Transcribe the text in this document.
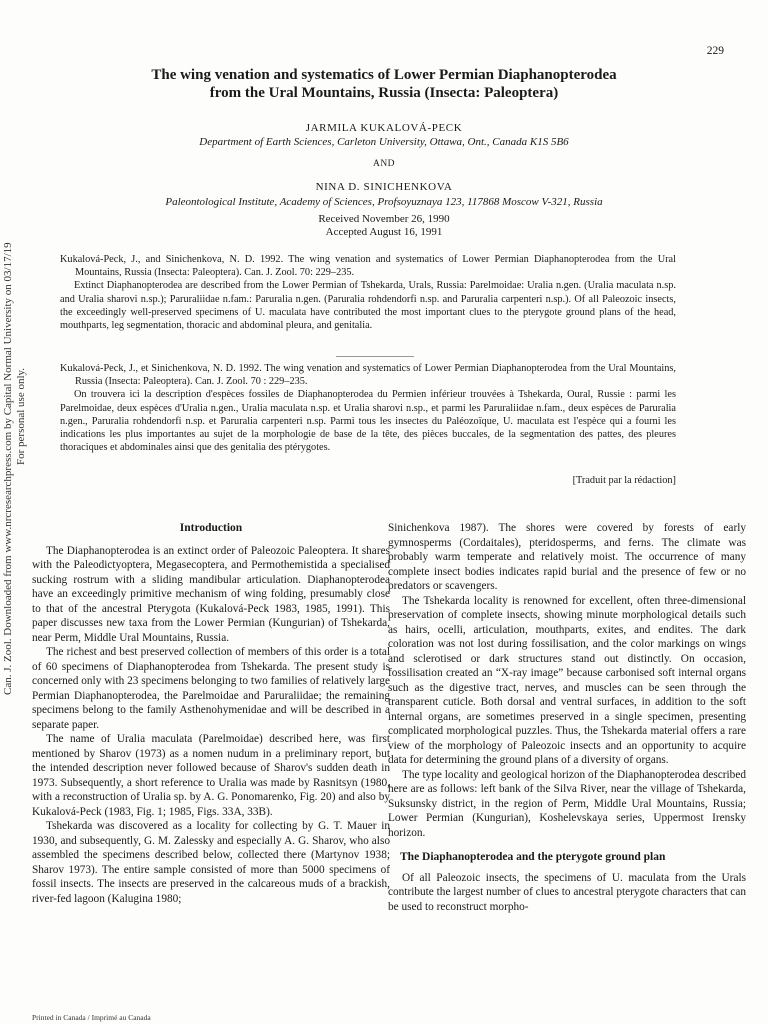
229
The wing venation and systematics of Lower Permian Diaphanopterodea
from the Ural Mountains, Russia (Insecta: Paleoptera)
JARMILA KUKALOVÁ-PECK
Department of Earth Sciences, Carleton University, Ottawa, Ont., Canada K1S 5B6
AND
NINA D. SINICHENKOVA
Paleontological Institute, Academy of Sciences, Profsoyuznaya 123, 117868 Moscow V-321, Russia
Received November 26, 1990
Accepted August 16, 1991

Kukalová-Peck, J., and Sinichenkova, N. D. 1992. The wing venation and systematics of Lower Permian Diaphanopterodea from the Ural Mountains, Russia (Insecta: Paleoptera). Can. J. Zool. 70: 229–235.

Extinct Diaphanopterodea are described from the Lower Permian of Tshekarda, Urals, Russia: Parelmoidae: Uralia n.gen. (Uralia maculata n.sp. and Uralia sharovi n.sp.); Paruraliidae n.fam.: Paruralia n.gen. (Paruralia rohdendorfi n.sp. and Paruralia carpenteri n.sp.). Of all Paleozoic insects, the exceedingly well-preserved specimens of U. maculata have contributed the most important clues to the pterygote ground plans of the head, mouthparts, leg segmentation, thoracic and abdominal pleura, and genitalia.

Kukalová-Peck, J., et Sinichenkova, N. D. 1992. The wing venation and systematics of Lower Permian Diaphanopterodea from the Ural Mountains, Russia (Insecta: Paleoptera). Can. J. Zool. 70 : 229–235.

On trouvera ici la description d'espèces fossiles de Diaphanopterodea du Permien inférieur trouvées à Tshekarda, Oural, Russie : parmi les Parelmoidae, deux espèces d'Uralia n.gen., Uralia maculata n.sp. et Uralia sharovi n.sp., et parmi les Paruraliidae n.fam., deux espèces de Paruralia n.gen., Paruralia rohdendorfi n.sp. et Paruralia carpenteri n.sp. Parmi tous les insectes du Paléozoïque, U. maculata est l'espèce qui a fourni les indications les plus importantes au sujet de la morphologie de base de la tête, des pièces buccales, de la segmentation des pattes, des pleures thoraciques et abdominales ainsi que des genitalia des ptérygotes.

[Traduit par la rédaction]
Introduction

The Diaphanopterodea is an extinct order of Paleozoic Paleoptera. It shares with the Paleodictyoptera, Megasecoptera, and Permothemistida a specialised sucking rostrum with a sliding mandibular articulation. Diaphanopterodea have an exceedingly primitive mechanism of wing folding, presumably close to that of the ancestral Pterygota (Kukalová-Peck 1983, 1985, 1991). This paper discusses new taxa from the Lower Permian (Kungurian) of Tshekarda, near Perm, Middle Ural Mountains, Russia.

The richest and best preserved collection of members of this order is a total of 60 specimens of Diaphanopterodea from Tshekarda. The present study is concerned only with 23 specimens belonging to two families of relatively large Permian Diaphanopterodea, the Parelmoidae and Paruraliidae; the remaining specimens belong to the family Asthenohymenidae and will be described in a separate paper.

The name of Uralia maculata (Parelmoidae) described here, was first mentioned by Sharov (1973) as a nomen nudum in a preliminary report, but the intended description never followed because of Sharov's sudden death in 1973. Subsequently, a short reference to Uralia was made by Rasnitsyn (1980, with a reconstruction of Uralia sp. by A. G. Ponomarenko, Fig. 20) and also by Kukalová-Peck (1983, Fig. 1; 1985, Figs. 33A, 33B).

Tshekarda was discovered as a locality for collecting by G. T. Mauer in 1930, and subsequently, G. M. Zalessky and especially A. G. Sharov, who also assembled the specimens described below, collected there (Martynov 1938; Sharov 1973). The entire sample consisted of more than 5000 specimens of fossil insects. The insects are preserved in the calcareous muds of a brackish, river-fed lagoon (Kalugina 1980;

Sinichenkova 1987). The shores were covered by forests of early gymnosperms (Cordaitales), pteridosperms, and ferns. The climate was probably warm temperate and relatively moist. The occurrence of many complete insect bodies indicates rapid burial and the presence of few or no predators or scavengers.

The Tshekarda locality is renowned for excellent, often three-dimensional preservation of complete insects, showing minute morphological details such as hairs, ocelli, articulation, mouthparts, exites, and endites. The dark coloration was not lost during fossilisation, and the color markings on wings and sclerotised or dark structures stand out distinctly. On occasion, fossilisation created an “X-ray image” because carbonised soft internal organs such as the digestive tract, nerves, and muscles can be seen through the transparent cuticle. Both dorsal and ventral surfaces, in addition to the soft internal organs, are sometimes preserved in a single specimen, presenting complicated morphological puzzles. Thus, the Tshekarda material offers a rare view of the morphology of Paleozoic insects and an opportunity to acquire data for determining the ground plans of a diversity of organs.

The type locality and geological horizon of the Diaphanopterodea described here are as follows: left bank of the Silva River, near the village of Tshekarda, Suksunsky district, in the region of Perm, Middle Ural Mountains, Russia; Lower Permian (Kungurian), Koshelevskaya series, Uppermost Irensky horizon.

The Diaphanopterodea and the pterygote ground plan

Of all Paleozoic insects, the specimens of U. maculata from the Urals contribute the largest number of clues to ancestral pterygote characters that can be used to reconstruct morpho-

Can. J. Zool. Downloaded from www.nrcresearchpress.com by Capital Normal University on 03/17/19 For personal use only.
Printed in Canada / Imprimé au Canada
